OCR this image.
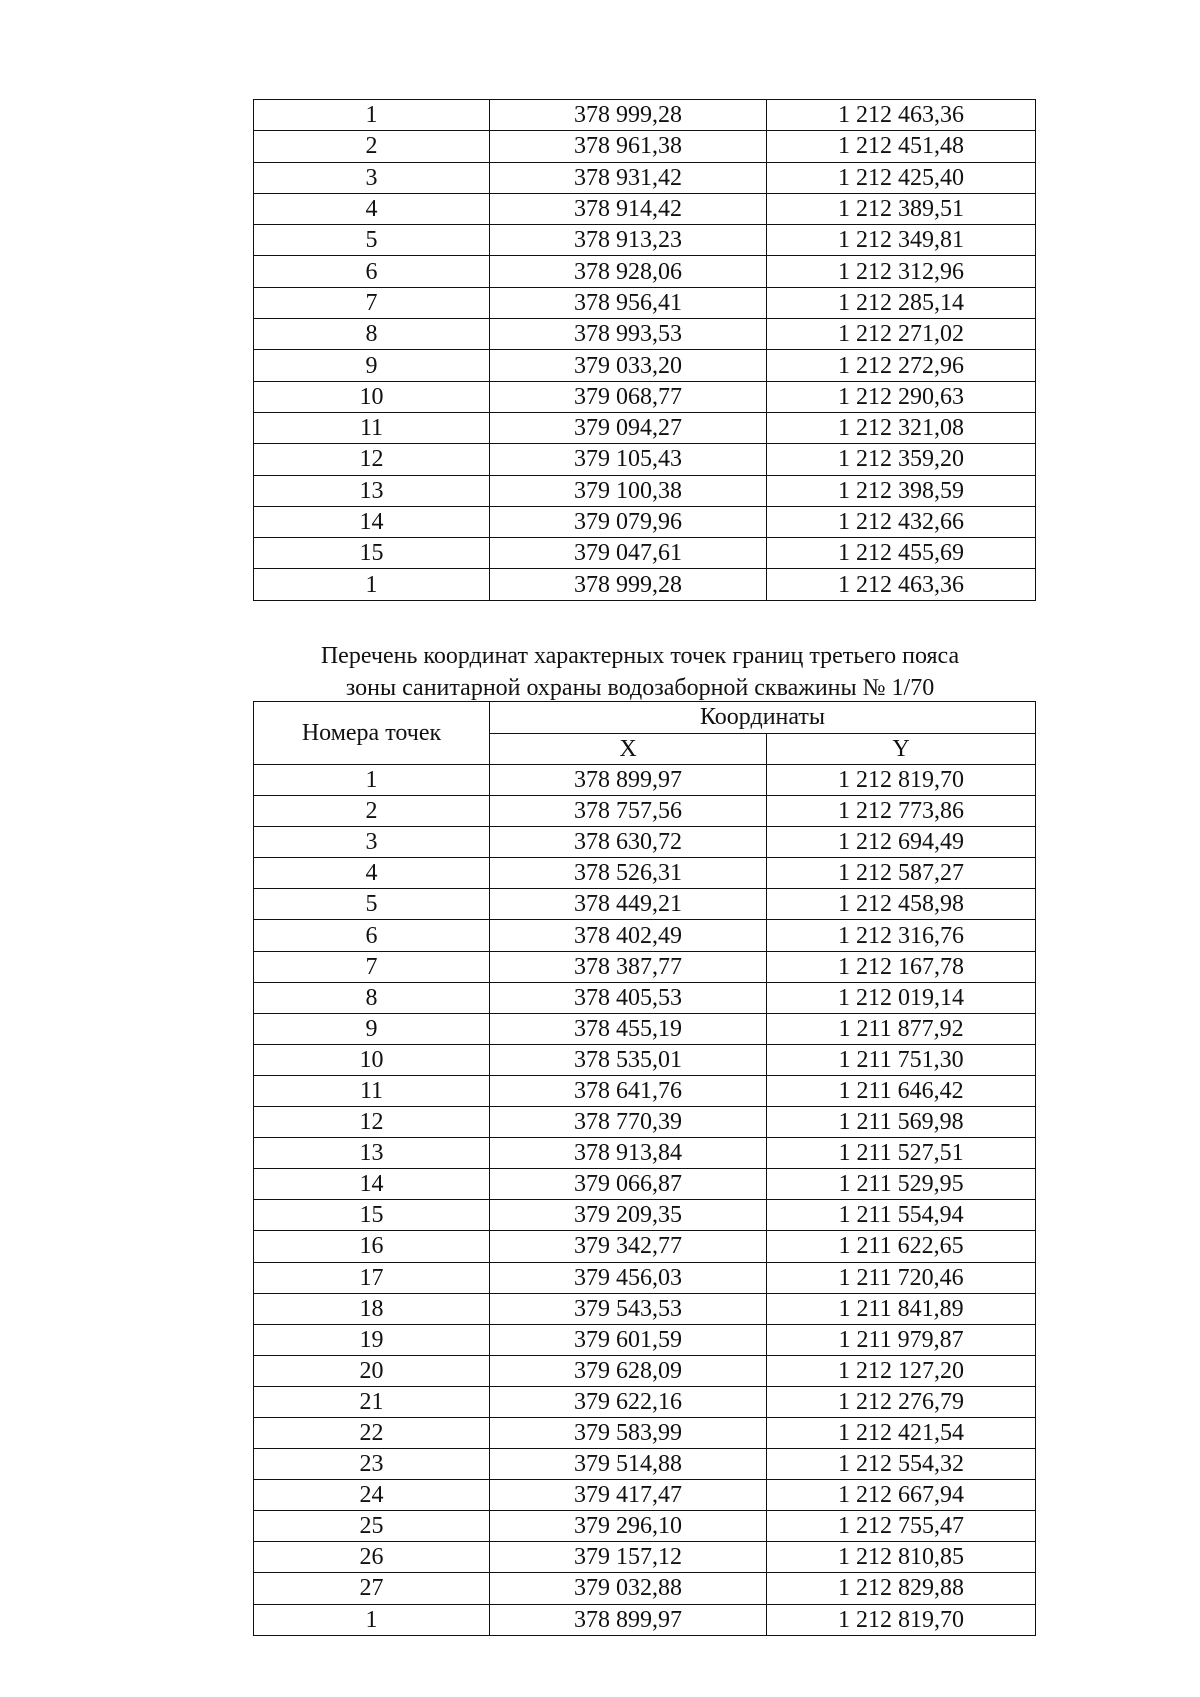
1	378 999,28	1 212 463,36
2	378 961,38	1 212 451,48
3	378 931,42	1 212 425,40
4	378 914,42	1 212 389,51
5	378 913,23	1 212 349,81
6	378 928,06	1 212 312,96
7	378 956,41	1 212 285,14
8	378 993,53	1 212 271,02
9	379 033,20	1 212 272,96
10	379 068,77	1 212 290,63
11	379 094,27	1 212 321,08
12	379 105,43	1 212 359,20
13	379 100,38	1 212 398,59
14	379 079,96	1 212 432,66
15	379 047,61	1 212 455,69
1	378 999,28	1 212 463,36
Перечень координат характерных точек границ третьего пояса
зоны санитарной охраны водозаборной скважины № 1/70
Номера точек	Координаты	
	X	Y
1	378 899,97	1 212 819,70
2	378 757,56	1 212 773,86
3	378 630,72	1 212 694,49
4	378 526,31	1 212 587,27
5	378 449,21	1 212 458,98
6	378 402,49	1 212 316,76
7	378 387,77	1 212 167,78
8	378 405,53	1 212 019,14
9	378 455,19	1 211 877,92
10	378 535,01	1 211 751,30
11	378 641,76	1 211 646,42
12	378 770,39	1 211 569,98
13	378 913,84	1 211 527,51
14	379 066,87	1 211 529,95
15	379 209,35	1 211 554,94
16	379 342,77	1 211 622,65
17	379 456,03	1 211 720,46
18	379 543,53	1 211 841,89
19	379 601,59	1 211 979,87
20	379 628,09	1 212 127,20
21	379 622,16	1 212 276,79
22	379 583,99	1 212 421,54
23	379 514,88	1 212 554,32
24	379 417,47	1 212 667,94
25	379 296,10	1 212 755,47
26	379 157,12	1 212 810,85
27	379 032,88	1 212 829,88
1	378 899,97	1 212 819,70
